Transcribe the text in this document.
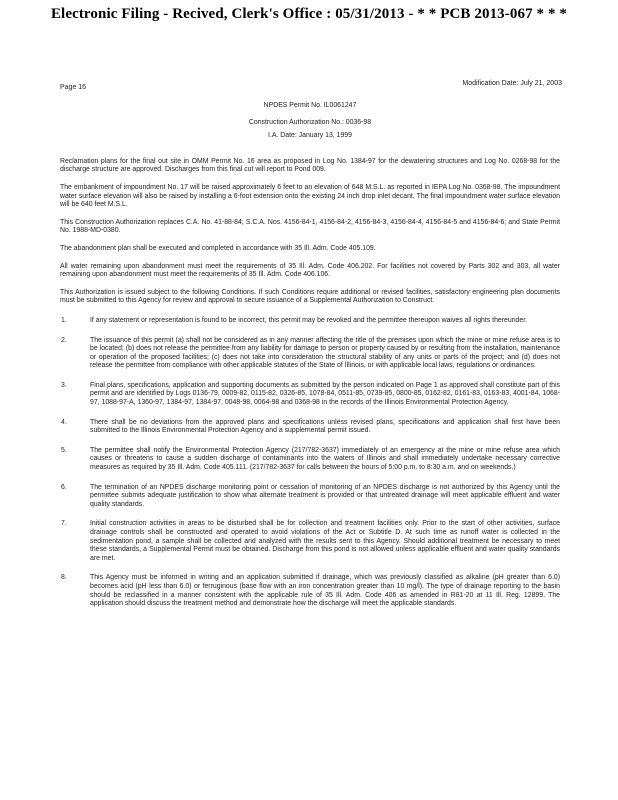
Electronic Filing - Recived, Clerk's Office : 05/31/2013 - * * PCB 2013-067 * * *
Page 16
Modification Date: July 21, 2003

NPDES Permit No. IL0061247

Construction Authorization No.: 0036-98

I.A. Date: January 13, 1999

Reclamation plans for the final out site in OMM Permit No. 16 area as proposed in Log No. 1384-97 for the dewatering structures and Log No. 0268-98 for the discharge structure are approved. Discharges from this final cut will report to Pond 009.

The embankment of impoundment No. 17 will be raised approximately 6 feet to an elevation of 648 M.S.L. as reported in IEPA Log No. 0368-98. The impoundment water surface elevation will also be raised by installing a 6-foot extension onto the existing 24 inch drop inlet decant. The final impoundment water surface elevation will be 640 feet M.S.L.

This Construction Authorization replaces C.A. No. 41-88-84; S.C.A. Nos. 4156-84-1, 4156-84-2, 4156-84-3, 4156-84-4, 4156-84-5 and 4156-84-6; and State Permit No. 1988-MD-0380.

The abandonment plan shall be executed and completed in accordance with 35 Ill. Adm. Code 405.109.

All water remaining upon abandonment must meet the requirements of 35 Ill. Adm. Code 406.202. For facilities not covered by Parts 302 and 303, all water remaining upon abandonment must meet the requirements of 35 Ill. Adm. Code 406.106.

This Authorization is issued subject to the following Conditions. If such Conditions require additional or revised facilities, satisfactory engineering plan documents must be submitted to this Agency for review and approval to secure issuance of a Supplemental Authorization to Construct.

1.	If any statement or representation is found to be incorrect, this permit may be revoked and the permittee thereupon waives all rights thereunder.
2.	The issuance of this permit (a) shall not be considered as in any manner affecting the title of the premises upon which the mine or mine refuse area is to be located; (b) does not release the permittee from any liability for damage to person or property caused by or resulting from the installation, maintenance or operation of the proposed facilities; (c) does not take into consideration the structural stability of any units or parts of the project; and (d) does not release the permittee from compliance with other applicable statutes of the State of Illinois, or with applicable local laws, regulations or ordinances.
3.	Final plans, specifications, application and supporting documents as submitted by the person indicated on Page 1 as approved shall constitute part of this permit and are identified by Logs 0136-79, 0009-82, 0115-82, 0326-85, 1078-84, 0511-85, 0739-85, 0800-85, 0162-82, 0161-83, 0163-83, 4001-84, 1068-97, 1088-97-A, 1360-97, 1384-97, 1384-97, 0048-98, 0064-98 and 0368-98 in the records of the Illinois Environmental Protection Agency.
4.	There shall be no deviations from the approved plans and specifications unless revised plans, specifications and application shall first have been submitted to the Illinois Environmental Protection Agency and a supplemental permit issued.
5.	The permittee shall notify the Environmental Protection Agency (217/782-3637) immediately of an emergency at the mine or mine refuse area which causes or threatens to cause a sudden discharge of contaminants into the waters of Illinois and shall immediately undertake necessary corrective measures as required by 35 Ill. Adm. Code 405.111. (217/782-3637 for calls between the hours of 5:00 p.m. to 8:30 a.m. and on weekends.)
6.	The termination of an NPDES discharge monitoring point or cessation of monitoring of an NPDES discharge is not authorized by this Agency until the permittee submits adequate justification to show what alternate treatment is provided or that untreated drainage will meet applicable effluent and water quality standards.
7.	Initial construction activities in areas to be disturbed shall be for collection and treatment facilities only. Prior to the start of other activities, surface drainage controls shall be constructed and operated to avoid violations of the Act or Subtitle D. At such time as runoff water is collected in the sedimentation pond, a sample shall be collected and analyzed with the results sent to this Agency. Should additional treatment be necessary to meet these standards, a Supplemental Permit must be obtained. Discharge from this pond is not allowed unless applicable effluent and water quality standards are met.
8.	This Agency must be informed in writing and an application submitted if drainage, which was previously classified as alkaline (pH greater than 6.0) becomes acid (pH less than 6.0) or ferruginous (base flow with an iron concentration greater than 10 mg/l). The type of drainage reporting to the basin should be reclassified in a manner consistent with the applicable rule of 35 Ill. Adm. Code 406 as amended in R81-20 at 11 Ill. Reg. 12899. The application should discuss the treatment method and demonstrate how the discharge will meet the applicable standards.
